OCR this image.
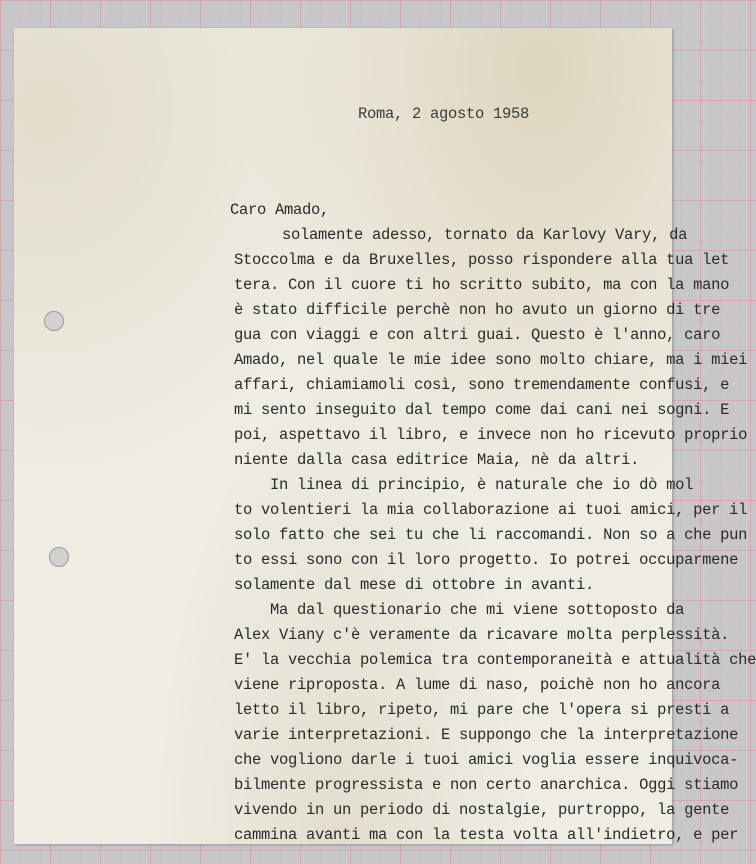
Roma, 2 agosto 1958
Caro Amado,
solamente adesso, tornato da Karlovy Vary, da
Stoccolma e da Bruxelles, posso rispondere alla tua let
tera. Con il cuore ti ho scritto subito, ma con la mano
è stato difficile perchè non ho avuto un giorno di tre
gua con viaggi e con altri guai. Questo è l'anno, caro
Amado, nel quale le mie idee sono molto chiare, ma i miei
affari, chiamiamoli così, sono tremendamente confusi, e
mi sento inseguito dal tempo come dai cani nei sogni. E
poi, aspettavo il libro, e invece non ho ricevuto proprio
niente dalla casa editrice Maia, nè da altri.
In linea di principio, è naturale che io dò mol
to volentieri la mia collaborazione ai tuoi amici, per il
solo fatto che sei tu che li raccomandi. Non so a che pun
to essi sono con il loro progetto. Io potrei occuparmene
solamente dal mese di ottobre in avanti.
Ma dal questionario che mi viene sottoposto da
Alex Viany c'è veramente da ricavare molta perplessità.
E' la vecchia polemica tra contemporaneità e attualità che
viene riproposta. A lume di naso, poichè non ho ancora
letto il libro, ripeto, mi pare che l'opera si presti a
varie interpretazioni. E suppongo che la interpretazione
che vogliono darle i tuoi amici voglia essere inquivoca-
bilmente progressista e non certo anarchica. Oggi stiamo
vivendo in un periodo di nostalgie, purtroppo, la gente
cammina avanti ma con la testa volta all'indietro, e per
